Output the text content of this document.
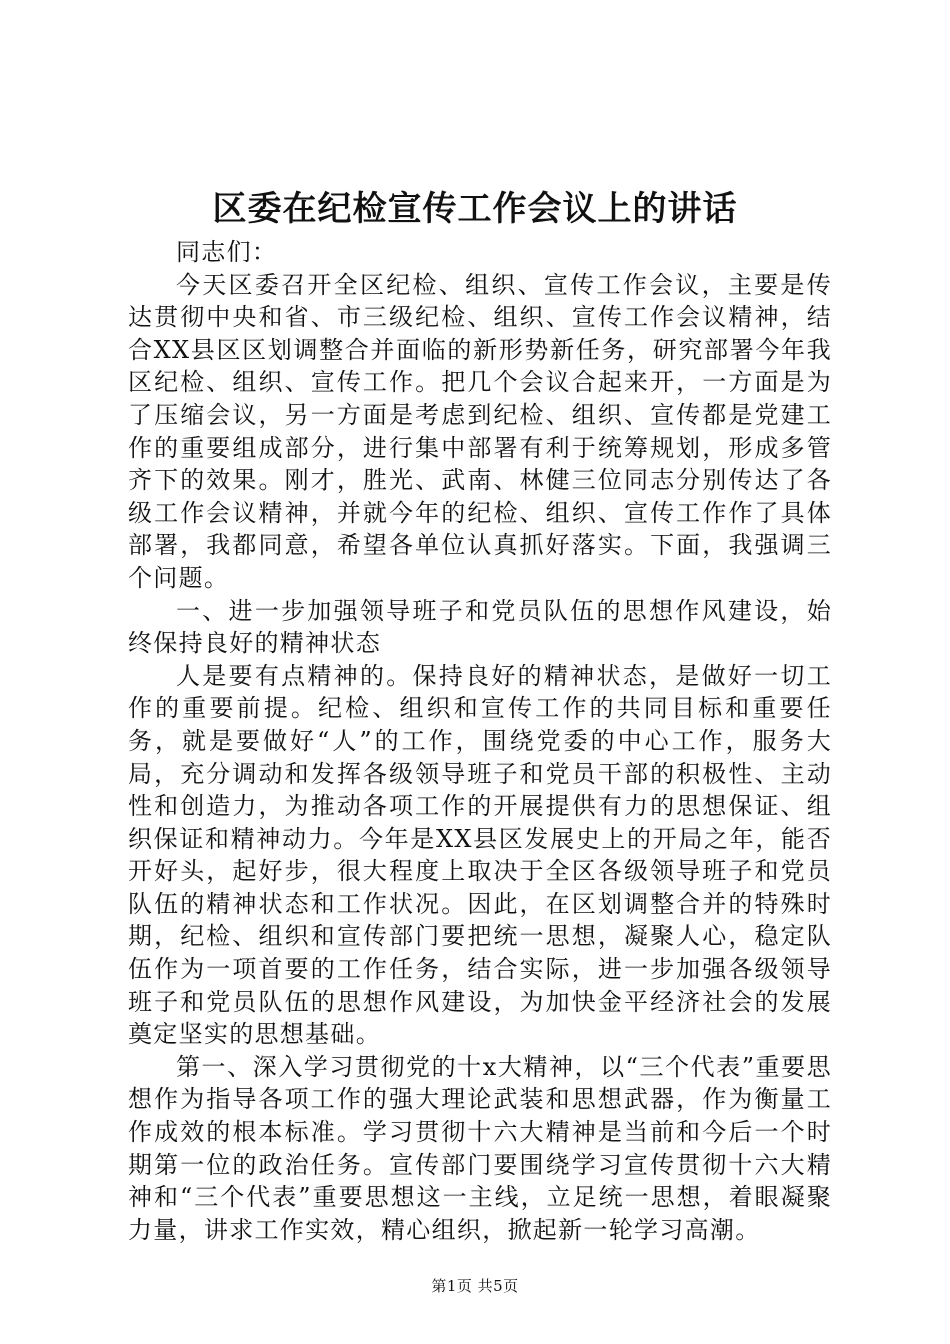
区委在纪检宣传工作会议上的讲话

同志们：

今天区委召开全区纪检、组织、宣传工作会议，主要是传达贯彻中央和省、市三级纪检、组织、宣传工作会议精神，结合XX县区区划调整合并面临的新形势新任务，研究部署今年我区纪检、组织、宣传工作。把几个会议合起来开，一方面是为了压缩会议，另一方面是考虑到纪检、组织、宣传都是党建工作的重要组成部分，进行集中部署有利于统筹规划，形成多管齐下的效果。刚才，胜光、武南、林健三位同志分别传达了各级工作会议精神，并就今年的纪检、组织、宣传工作作了具体部署，我都同意，希望各单位认真抓好落实。下面，我强调三个问题。

一、进一步加强领导班子和党员队伍的思想作风建设，始终保持良好的精神状态

人是要有点精神的。保持良好的精神状态，是做好一切工作的重要前提。纪检、组织和宣传工作的共同目标和重要任务，就是要做好“人”的工作，围绕党委的中心工作，服务大局，充分调动和发挥各级领导班子和党员干部的积极性、主动性和创造力，为推动各项工作的开展提供有力的思想保证、组织保证和精神动力。今年是XX县区发展史上的开局之年，能否开好头，起好步，很大程度上取决于全区各级领导班子和党员队伍的精神状态和工作状况。因此，在区划调整合并的特殊时期，纪检、组织和宣传部门要把统一思想，凝聚人心，稳定队伍作为一项首要的工作任务，结合实际，进一步加强各级领导班子和党员队伍的思想作风建设，为加快金平经济社会的发展奠定坚实的思想基础。

第一、深入学习贯彻党的十x大精神，以“三个代表”重要思想作为指导各项工作的强大理论武装和思想武器，作为衡量工作成效的根本标准。学习贯彻十六大精神是当前和今后一个时期第一位的政治任务。宣传部门要围绕学习宣传贯彻十六大精神和“三个代表”重要思想这一主线，立足统一思想，着眼凝聚力量，讲求工作实效，精心组织，掀起新一轮学习高潮。

第1页 共5页
